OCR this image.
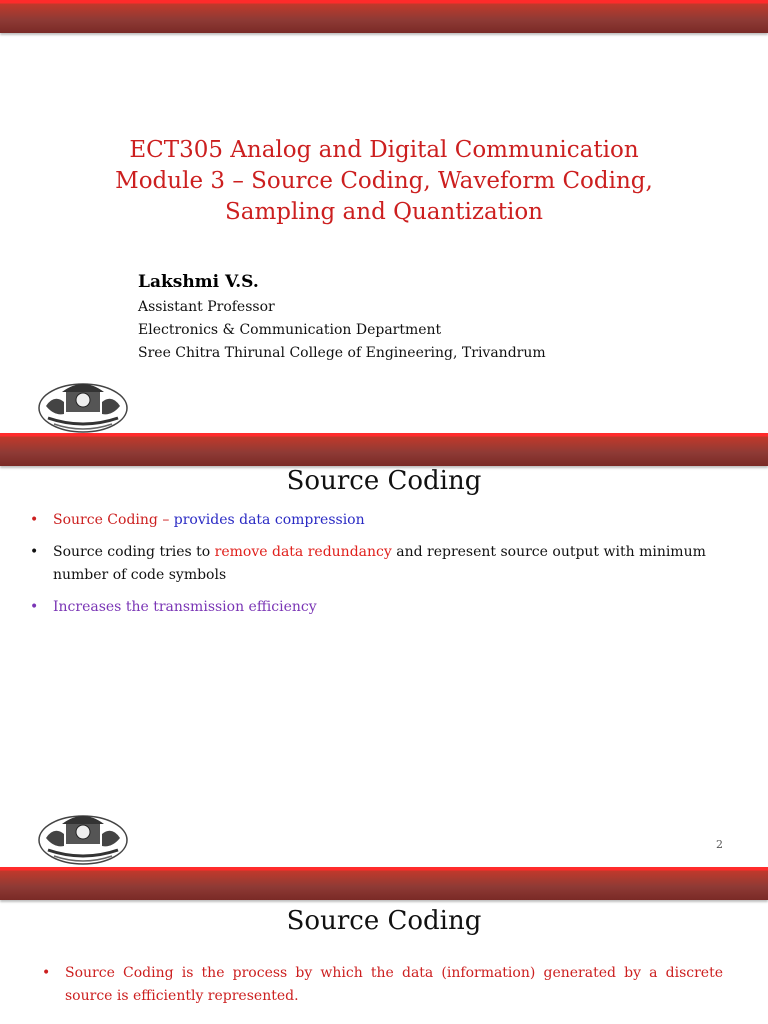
ECT305 Analog and Digital Communication
Module 3 – Source Coding, Waveform Coding,
Sampling and Quantization
Lakshmi V.S.
Assistant Professor
Electronics & Communication Department
Sree Chitra Thirunal College of Engineering, Trivandrum
Source Coding
• Source Coding – provides data compression
• Source coding tries to remove data redundancy and represent source output with minimum number of code symbols
• Increases the transmission efficiency
2
Source Coding
• Source Coding is the process by which the data (information) generated by a discrete source is efficiently represented.
